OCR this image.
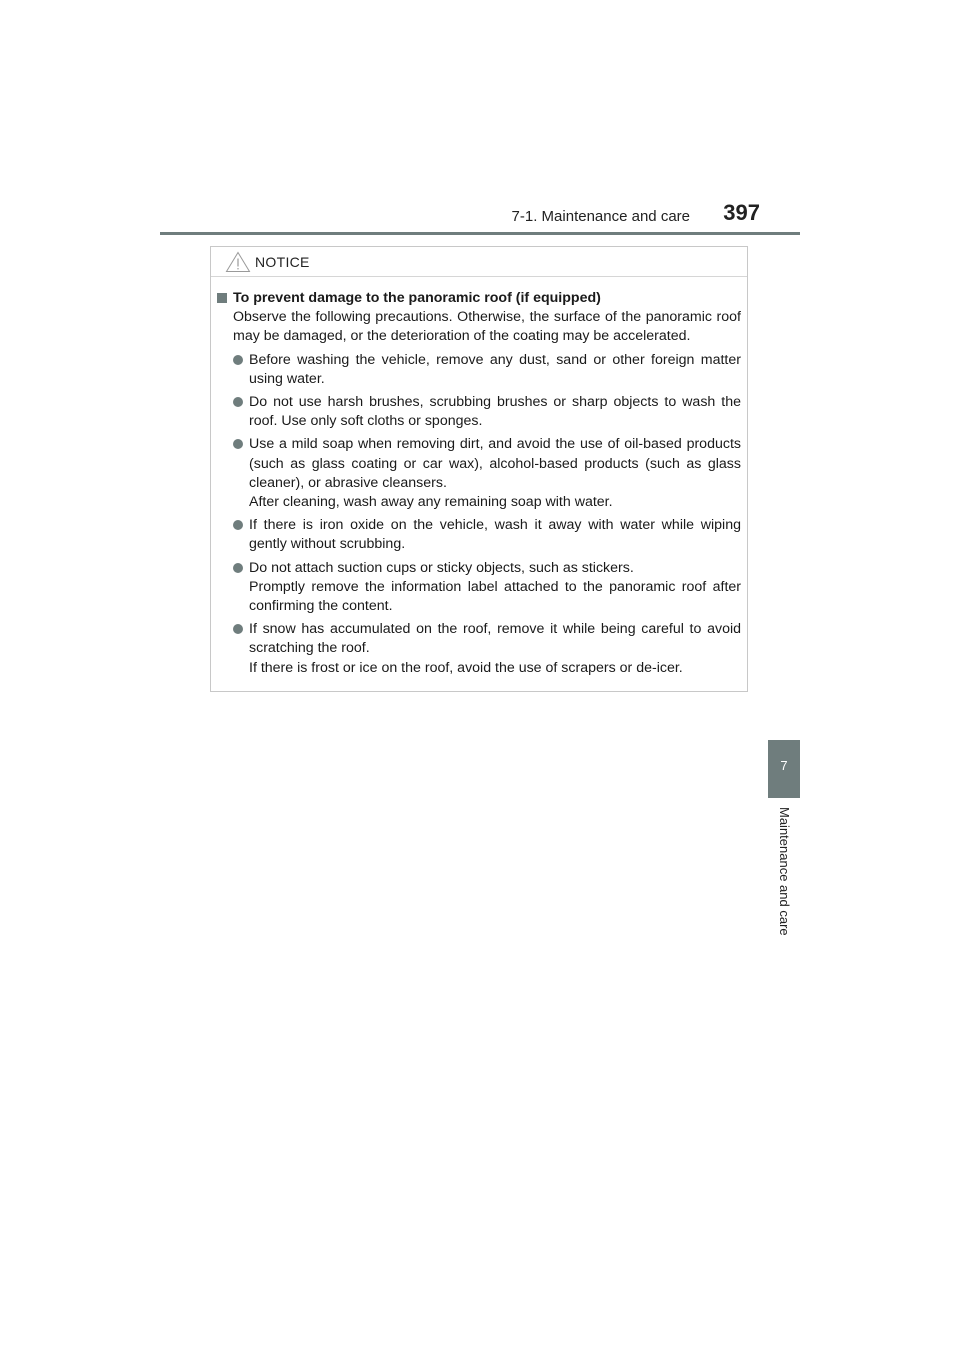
7-1. Maintenance and care 397
7
Maintenance and care
NOTICE
To prevent damage to the panoramic roof (if equipped)

Observe the following precautions. Otherwise, the surface of the panoramic roof may be damaged, or the deterioration of the coating may be accelerated.

Before washing the vehicle, remove any dust, sand or other foreign matter using water.

Do not use harsh brushes, scrubbing brushes or sharp objects to wash the roof. Use only soft cloths or sponges.

Use a mild soap when removing dirt, and avoid the use of oil-based products (such as glass coating or car wax), alcohol-based products (such as glass cleaner), or abrasive cleansers.

After cleaning, wash away any remaining soap with water.

If there is iron oxide on the vehicle, wash it away with water while wiping gently without scrubbing.

Do not attach suction cups or sticky objects, such as stickers.

Promptly remove the information label attached to the panoramic roof after confirming the content.

If snow has accumulated on the roof, remove it while being careful to avoid scratching the roof.

If there is frost or ice on the roof, avoid the use of scrapers or de-icer.
